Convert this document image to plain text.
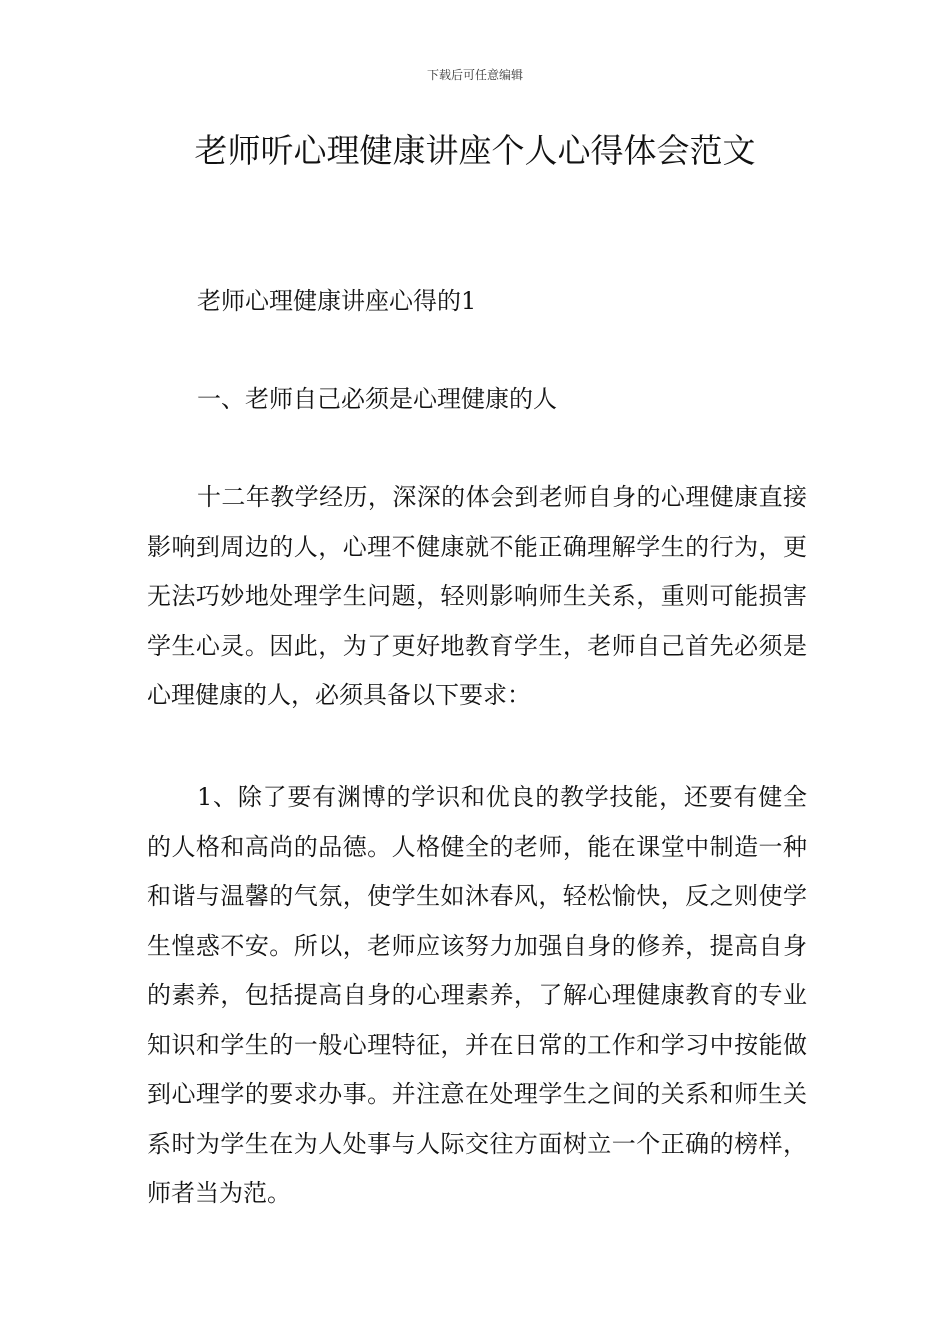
下载后可任意编辑
老师听心理健康讲座个人心得体会范文

老师心理健康讲座心得的1

一、老师自己必须是心理健康的人

十二年教学经历，深深的体会到老师自身的心理健康直接影响到周边的人，心理不健康就不能正确理解学生的行为，更无法巧妙地处理学生问题，轻则影响师生关系，重则可能损害学生心灵。因此，为了更好地教育学生，老师自己首先必须是心理健康的人，必须具备以下要求：

1、除了要有渊博的学识和优良的教学技能，还要有健全的人格和高尚的品德。人格健全的老师，能在课堂中制造一种和谐与温馨的气氛，使学生如沐春风，轻松愉快，反之则使学生惶惑不安。所以，老师应该努力加强自身的修养，提高自身的素养，包括提高自身的心理素养，了解心理健康教育的专业知识和学生的一般心理特征，并在日常的工作和学习中按能做到心理学的要求办事。并注意在处理学生之间的关系和师生关系时为学生在为人处事与人际交往方面树立一个正确的榜样，师者当为范。
